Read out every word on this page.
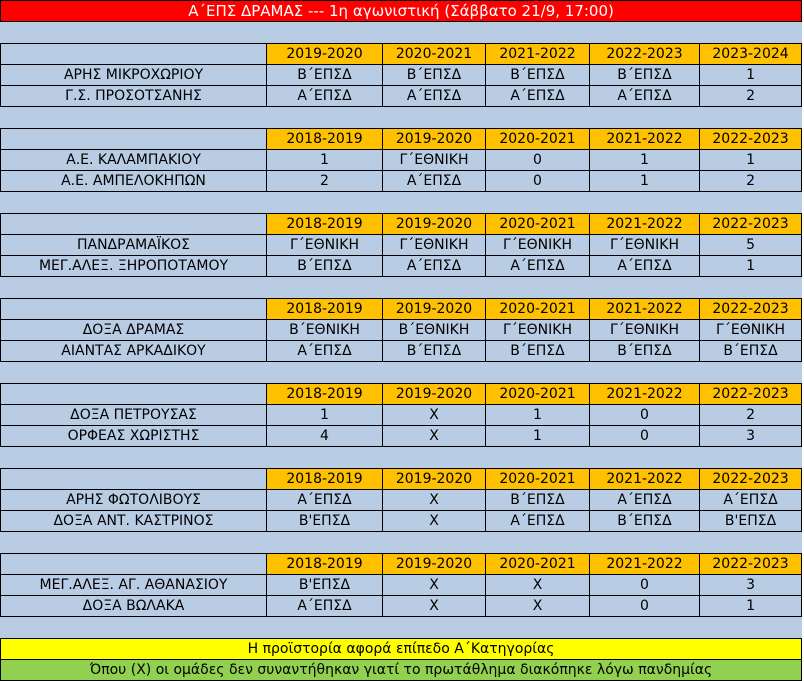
Α΄ΕΠΣ ΔΡΑΜΑΣ --- 1η αγωνιστική (Σάββατο 21/9, 17:00)					

	2019-2020	2020-2021	2021-2022	2022-2023	2023-2024
ΑΡΗΣ ΜΙΚΡΟΧΩΡΙΟΥ	Β΄ΕΠΣΔ	Β΄ΕΠΣΔ	Β΄ΕΠΣΔ	Β΄ΕΠΣΔ	1
Γ.Σ. ΠΡΟΣΟΤΣΑΝΗΣ	Α΄ΕΠΣΔ	Α΄ΕΠΣΔ	Α΄ΕΠΣΔ	Α΄ΕΠΣΔ	2

	2018-2019	2019-2020	2020-2021	2021-2022	2022-2023
Α.Ε. ΚΑΛΑΜΠΑΚΙΟΥ	1	Γ΄ΕΘΝΙΚΗ	0	1	1
Α.Ε. ΑΜΠΕΛΟΚΗΠΩΝ	2	Α΄ΕΠΣΔ	0	1	2

	2018-2019	2019-2020	2020-2021	2021-2022	2022-2023
ΠΑΝΔΡΑΜΑΪΚΟΣ	Γ΄ΕΘΝΙΚΗ	Γ΄ΕΘΝΙΚΗ	Γ΄ΕΘΝΙΚΗ	Γ΄ΕΘΝΙΚΗ	5
ΜΕΓ.ΑΛΕΞ. ΞΗΡΟΠΟΤΑΜΟΥ	Β΄ΕΠΣΔ	Α΄ΕΠΣΔ	Α΄ΕΠΣΔ	Α΄ΕΠΣΔ	1

	2018-2019	2019-2020	2020-2021	2021-2022	2022-2023
ΔΟΞΑ ΔΡΑΜΑΣ	Β΄ΕΘΝΙΚΗ	Β΄ΕΘΝΙΚΗ	Γ΄ΕΘΝΙΚΗ	Γ΄ΕΘΝΙΚΗ	Γ΄ΕΘΝΙΚΗ
ΑΙΑΝΤΑΣ ΑΡΚΑΔΙΚΟΥ	Α΄ΕΠΣΔ	Β΄ΕΠΣΔ	Β΄ΕΠΣΔ	Β΄ΕΠΣΔ	Β΄ΕΠΣΔ

	2018-2019	2019-2020	2020-2021	2021-2022	2022-2023
ΔΟΞΑ ΠΕΤΡΟΥΣΑΣ	1	Χ	1	0	2
ΟΡΦΕΑΣ ΧΩΡΙΣΤΗΣ	4	Χ	1	0	3

	2018-2019	2019-2020	2020-2021	2021-2022	2022-2023
ΑΡΗΣ ΦΩΤΟΛΙΒΟΥΣ	Α΄ΕΠΣΔ	Χ	Β΄ΕΠΣΔ	Α΄ΕΠΣΔ	Α΄ΕΠΣΔ
ΔΟΞΑ ΑΝΤ. ΚΑΣΤΡΙΝΟΣ	Β'ΕΠΣΔ	Χ	Α΄ΕΠΣΔ	Β΄ΕΠΣΔ	Β'ΕΠΣΔ

	2018-2019	2019-2020	2020-2021	2021-2022	2022-2023
ΜΕΓ.ΑΛΕΞ. ΑΓ. ΑΘΑΝΑΣΙΟΥ	Β'ΕΠΣΔ	Χ	Χ	0	3
ΔΟΞΑ ΒΩΛΑΚΑ	Α΄ΕΠΣΔ	Χ	Χ	0	1

Η προϊστορία αφορά επίπεδο Α΄Κατηγορίας					
Όπου (Χ) οι ομάδες δεν συναντήθηκαν γιατί το πρωτάθλημα διακόπηκε λόγω πανδημίας					
